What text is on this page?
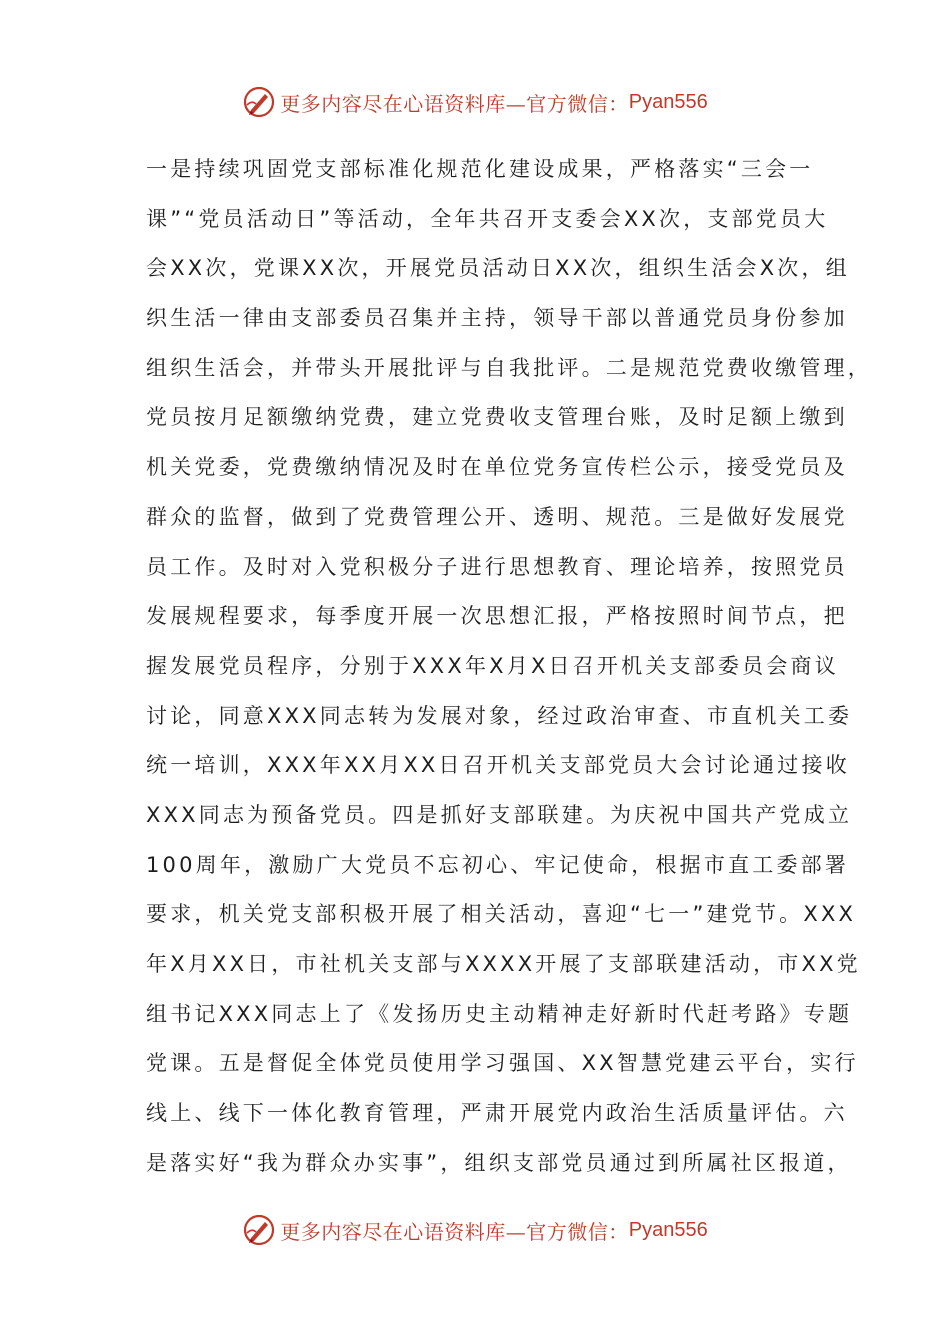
更多内容尽在心语资料库—官方微信： Pyan556
一是持续巩固党支部标准化规范化建设成果，严格落实“三会一
课”“党员活动日”等活动，全年共召开支委会XX次，支部党员大
会XX次，党课XX次，开展党员活动日XX次，组织生活会X次，组
织生活一律由支部委员召集并主持，领导干部以普通党员身份参加
组织生活会，并带头开展批评与自我批评。二是规范党费收缴管理，
党员按月足额缴纳党费，建立党费收支管理台账，及时足额上缴到
机关党委，党费缴纳情况及时在单位党务宣传栏公示，接受党员及
群众的监督，做到了党费管理公开、透明、规范。三是做好发展党
员工作。及时对入党积极分子进行思想教育、理论培养，按照党员
发展规程要求，每季度开展一次思想汇报，严格按照时间节点，把
握发展党员程序，分别于XXX年X月X日召开机关支部委员会商议
讨论，同意XXX同志转为发展对象，经过政治审查、市直机关工委
统一培训，XXX年XX月XX日召开机关支部党员大会讨论通过接收
XXX同志为预备党员。四是抓好支部联建。为庆祝中国共产党成立
100周年，激励广大党员不忘初心、牢记使命，根据市直工委部署
要求，机关党支部积极开展了相关活动，喜迎“七一”建党节。XXX
年X月XX日，市社机关支部与XXXX开展了支部联建活动，市XX党
组书记XXX同志上了《发扬历史主动精神走好新时代赶考路》专题
党课。五是督促全体党员使用学习强国、XX智慧党建云平台，实行
线上、线下一体化教育管理，严肃开展党内政治生活质量评估。六
是落实好“我为群众办实事”，组织支部党员通过到所属社区报道，
更多内容尽在心语资料库—官方微信： Pyan556
